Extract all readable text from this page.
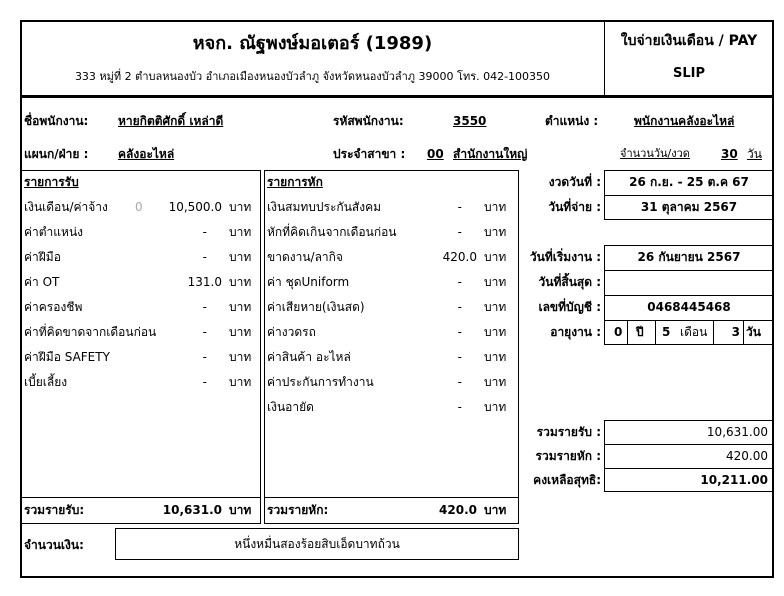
หจก. ณัฐพงษ์มอเตอร์ (1989)
333 หมู่ที่ 2 ตำบลหนองบัว อำเภอเมืองหนองบัวลำภู จังหวัดหนองบัวลำภู 39000 โทร. 042-100350
ใบจ่ายเงินเดือน / PAY
SLIP
ชื่อพนักงาน: หายกิตติศักดิ์ เหล่าดี	รหัสพนักงาน:	3550	ตำแหน่ง :	พนักงานคลังอะไหล่
แผนก/ฝ่าย : คลังอะไหล่	ประจำสาขา : 00 สำนักงานใหญ่	จำนวนวัน/งวด	30 วัน
รายการรับ	รายการหัก
เงินเดือน/ค่าจ้าง 0	10,500.0 บาท
ค่าตำแหน่ง	- บาท
ค่าฝีมือ	- บาท
ค่า OT	131.0 บาท
ค่าครองชีพ	- บาท
ค่าที่คิดขาดจากเดือนก่อน	- บาท
ค่าฝีมือ SAFETY	- บาท
เบี้ยเลี้ยง	- บาท
รวมรายรับ:	10,631.0 บาท
เงินสมทบประกันสังคม	- บาท
หักที่คิดเกินจากเดือนก่อน	- บาท
ขาดงาน/ลากิจ	420.0 บาท
ค่า ชุดUniform	- บาท
ค่าเสียหาย(เงินสด)	- บาท
ค่างวดรถ	- บาท
ค่าสินค้า อะไหล่	- บาท
ค่าประกันการทำงาน	- บาท
เงินอายัด	- บาท
รวมรายหัก:	420.0 บาท
งวดวันที่ :	26 ก.ย. - 25 ต.ค 67
วันที่จ่าย :	31 ตุลาคม 2567
วันที่เริ่มงาน :	26 กันยายน 2567
วันที่สิ้นสุด :
เลขที่บัญชี :	0468445468
อายุงาน : 0 ปี 5 เดือน	3 วัน
รวมรายรับ :	10,631.00
รวมรายหัก :	420.00
คงเหลือสุทธิ:	10,211.00
จำนวนเงิน:	หนึ่งหมื่นสองร้อยสิบเอ็ดบาทถ้วน
